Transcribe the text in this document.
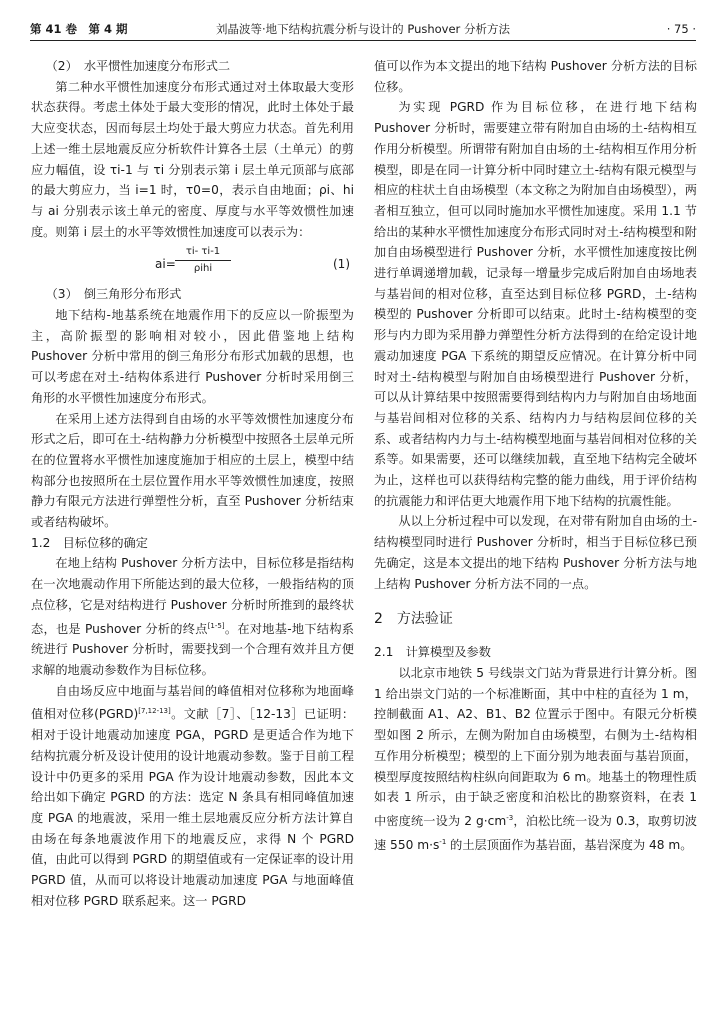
第 41 卷　第 4 期	刘晶波等·地下结构抗震分析与设计的 Pushover 分析方法	· 75 ·

（2）　水平惯性加速度分布形式二

第二种水平惯性加速度分布形式通过对土体取最大变形状态获得。考虑土体处于最大变形的情况，此时土体处于最大应变状态，因而每层土均处于最大剪应力状态。首先利用上述一维土层地震反应分析软件计算各土层（土单元）的剪应力幅值，设 τi-1 与 τi 分别表示第 i 层土单元顶部与底部的最大剪应力，当 i=1 时，τ0=0，表示自由地面；ρi、hi 与 ai 分别表示该土单元的密度、厚度与水平等效惯性加速度。则第 i 层土的水平等效惯性加速度可以表示为：

ai=
τi- τi-1
ρihi	(1)

（3）　倒三角形分布形式

地下结构-地基系统在地震作用下的反应以一阶振型为主，高阶振型的影响相对较小，因此借鉴地上结构 Pushover 分析中常用的倒三角形分布形式加载的思想，也可以考虑在对土-结构体系进行 Pushover 分析时采用倒三角形的水平惯性加速度分布形式。

在采用上述方法得到自由场的水平等效惯性加速度分布形式之后，即可在土-结构静力分析模型中按照各土层单元所在的位置将水平惯性加速度施加于相应的土层上，模型中结构部分也按照所在土层位置作用水平等效惯性加速度，按照静力有限元方法进行弹塑性分析，直至 Pushover 分析结束或者结构破坏。

1.2　目标位移的确定

在地上结构 Pushover 分析方法中，目标位移是指结构在一次地震动作用下所能达到的最大位移，一般指结构的顶点位移，它是对结构进行 Pushover 分析时所推到的最终状态，也是 Pushover 分析的终点[1-5]。在对地基-地下结构系统进行 Pushover 分析时，需要找到一个合理有效并且方便求解的地震动参数作为目标位移。

自由场反应中地面与基岩间的峰值相对位移称为地面峰值相对位移(PGRD)[7,12-13]。文献［7］、［12-13］已证明：相对于设计地震动加速度 PGA，PGRD 是更适合作为地下结构抗震分析及设计使用的设计地震动参数。鉴于目前工程设计中仍更多的采用 PGA 作为设计地震动参数，因此本文给出如下确定 PGRD 的方法：选定 N 条具有相同峰值加速度 PGA 的地震波，采用一维土层地震反应分析方法计算自由场在每条地震波作用下的地震反应，求得 N 个 PGRD 值，由此可以得到 PGRD 的期望值或有一定保证率的设计用 PGRD 值，从而可以将设计地震动加速度 PGA 与地面峰值相对位移 PGRD 联系起来。这一 PGRD

值可以作为本文提出的地下结构 Pushover 分析方法的目标位移。

为实现 PGRD 作为目标位移，在进行地下结构 Pushover 分析时，需要建立带有附加自由场的土-结构相互作用分析模型。所谓带有附加自由场的土-结构相互作用分析模型，即是在同一计算分析中同时建立土-结构有限元模型与相应的柱状土自由场模型（本文称之为附加自由场模型），两者相互独立，但可以同时施加水平惯性加速度。采用 1.1 节给出的某种水平惯性加速度分布形式同时对土-结构模型和附加自由场模型进行 Pushover 分析，水平惯性加速度按比例进行单调递增加载，记录每一增量步完成后附加自由场地表与基岩间的相对位移，直至达到目标位移 PGRD，土-结构模型的 Pushover 分析即可以结束。此时土-结构模型的变形与内力即为采用静力弹塑性分析方法得到的在给定设计地震动加速度 PGA 下系统的期望反应情况。在计算分析中同时对土-结构模型与附加自由场模型进行 Pushover 分析，可以从计算结果中按照需要得到结构内力与附加自由场地面与基岩间相对位移的关系、结构内力与结构层间位移的关系、或者结构内力与土-结构模型地面与基岩间相对位移的关系等。如果需要，还可以继续加载，直至地下结构完全破坏为止，这样也可以获得结构完整的能力曲线，用于评价结构的抗震能力和评估更大地震作用下地下结构的抗震性能。

从以上分析过程中可以发现，在对带有附加自由场的土-结构模型同时进行 Pushover 分析时，相当于目标位移已预先确定，这是本文提出的地下结构 Pushover 分析方法与地上结构 Pushover 分析方法不同的一点。

2　方法验证

2.1　计算模型及参数

以北京市地铁 5 号线崇文门站为背景进行计算分析。图 1 给出崇文门站的一个标准断面，其中中柱的直径为 1 m，控制截面 A1、A2、B1、B2 位置示于图中。有限元分析模型如图 2 所示，左侧为附加自由场模型，右侧为土-结构相互作用分析模型；模型的上下面分别为地表面与基岩顶面，模型厚度按照结构柱纵向间距取为 6 m。地基土的物理性质如表 1 所示，由于缺乏密度和泊松比的勘察资料，在表 1 中密度统一设为 2 $g\cdot cm^{-3}$，泊松比统一设为 0.3，取剪切波速 550 $m\cdot s^{-1}$ 的土层顶面作为基岩面，基岩深度为 48 m。
